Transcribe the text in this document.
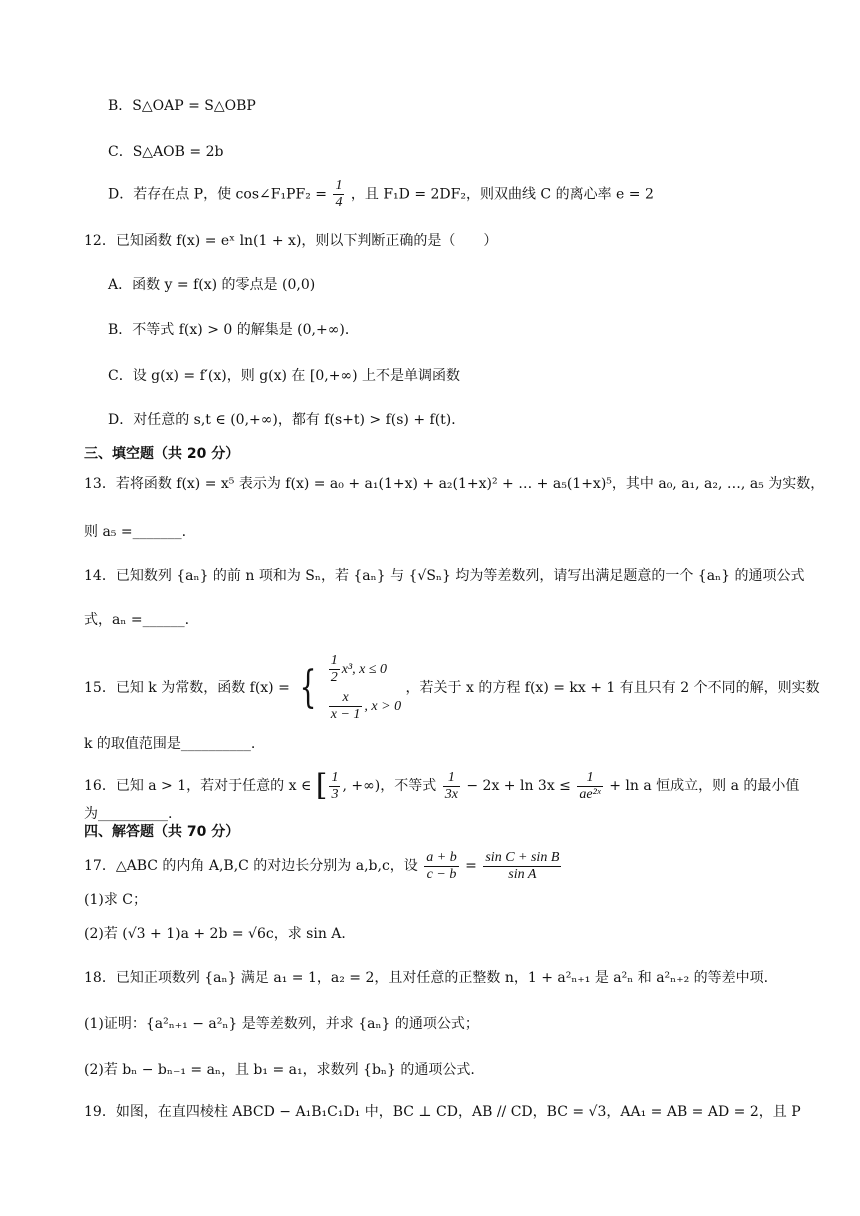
B．S△OAP = S△OBP
C．S△AOB = 2b
D．若存在点 P，使 cos∠F₁PF₂ = $\frac{1}{4}$ ，且 F₁D = 2DF₂，则双曲线 C 的离心率 e = 2
12．已知函数 f(x) = eˣ ln(1 + x)，则以下判断正确的是（　　）
A．函数 y = f(x) 的零点是 (0,0)
B．不等式 f(x) > 0 的解集是 (0,+∞)．
C．设 g(x) = f′(x)，则 g(x) 在 [0,+∞) 上不是单调函数
D．对任意的 s,t ∈ (0,+∞)，都有 f(s+t) > f(s) + f(t)．
三、填空题（共 20 分）
13．若将函数 f(x) = x⁵ 表示为 f(x) = a₀ + a₁(1+x) + a₂(1+x)² + … + a₅(1+x)⁵，其中 a₀, a₁, a₂, …, a₅ 为实数，
则 a₅ =_______.
14．已知数列 {aₙ} 的前 n 项和为 Sₙ，若 {aₙ} 与 {√Sₙ} 均为等差数列，请写出满足题意的一个 {aₙ} 的通项公式
式，aₙ =______.
15．已知 k 为常数，函数 f(x) = { $\frac{1}{2} x^3$, x ≤ 0
$\frac{x}{x - 1}$ , x > 0
，若关于 x 的方程 f(x) = kx + 1 有且只有 2 个不同的解，则实数
k 的取值范围是__________.
16．已知 a > 1，若对于任意的 x ∈ [ $\frac{1}{3}$ , +∞)，不等式 $\frac{1}{3x} - 2x + \ln 3x \le \frac{1}{\text{ae²ˣ}} + \ln a$ 恒成立，则 a 的最小值
为__________.
四、解答题（共 70 分）
17．△ABC 的内角 A,B,C 的对边长分别为 a,b,c，设 $\frac{a + b}{c - b} = \frac{\text{sin C + sin B}}{\text{sin A}}$
(1)求 C；
(2)若 (√3 + 1)a + 2b = √6c，求 sin A．
18．已知正项数列 {aₙ} 满足 a₁ = 1，a₂ = 2，且对任意的正整数 n，1 + a²ₙ₊₁ 是 a²ₙ 和 a²ₙ₊₂ 的等差中项.
(1)证明：{a²ₙ₊₁ − a²ₙ} 是等差数列，并求 {aₙ} 的通项公式；
(2)若 bₙ − bₙ₋₁ = aₙ，且 b₁ = a₁，求数列 {bₙ} 的通项公式.
19．如图，在直四棱柱 ABCD − A₁B₁C₁D₁ 中，BC ⊥ CD，AB // CD，BC = √3，AA₁ = AB = AD = 2，且 P
